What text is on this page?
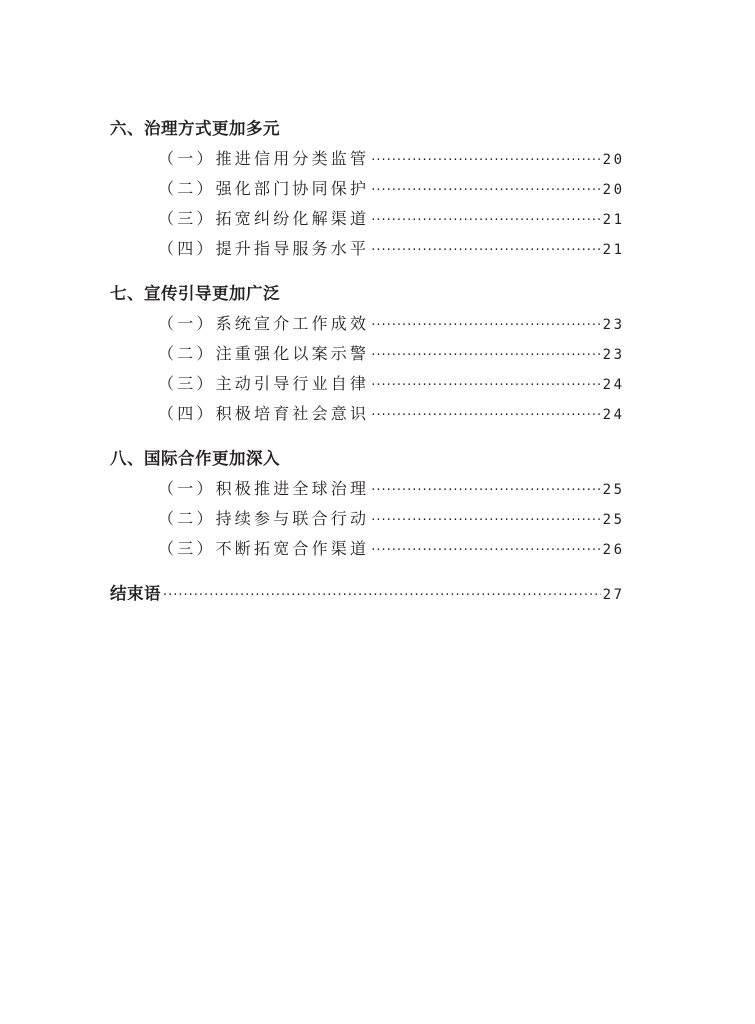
六、治理方式更加多元
（一）推进信用分类监管 ·····	20
（二）强化部门协同保护 ·····	20
（三）拓宽纠纷化解渠道 ·····	21
（四）提升指导服务水平 ·····	21
七、宣传引导更加广泛
（一）系统宣介工作成效 ·····	23
（二）注重强化以案示警 ·····	23
（三）主动引导行业自律 ·····	24
（四）积极培育社会意识 ·····	24
八、国际合作更加深入
（一）积极推进全球治理 ·····	25
（二）持续参与联合行动 ·····	25
（三）不断拓宽合作渠道 ·····	26
结束语 ·····	27
